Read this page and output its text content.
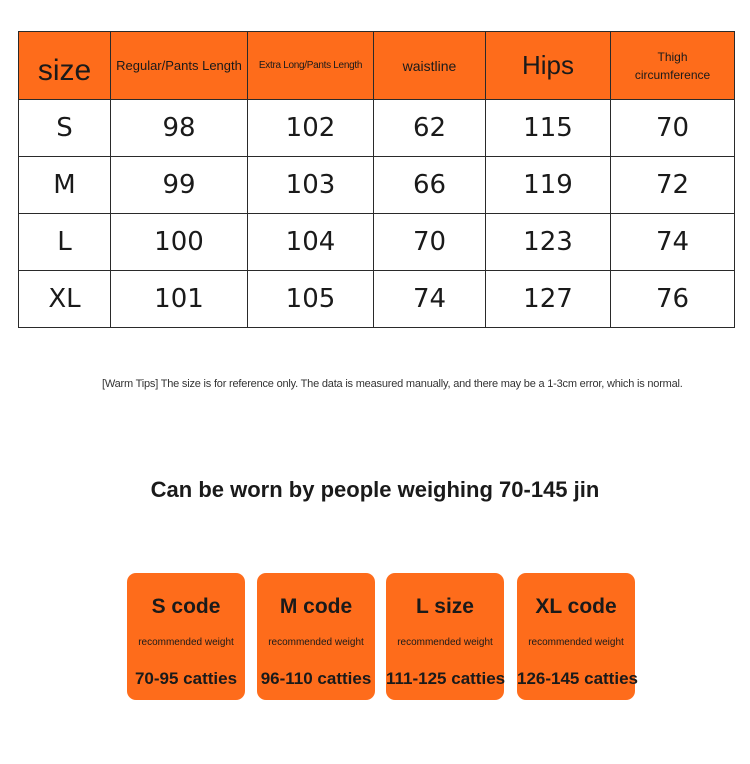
size	Regular/Pants Length	Extra Long/Pants Length	waistline	Hips	Thigh
circumference

S	98	102	62	115	70
M	99	103	66	119	72
L	100	104	70	123	74
XL	101	105	74	127	76
[Warm Tips] The size is for reference only. The data is measured manually, and there may be a 1-3cm error, which is normal.
Can be worn by people weighing 70-145 jin
S code
recommended weight
70-95 catties
M code
recommended weight
96-110 catties
L size
recommended weight
111-125 catties
XL code
recommended weight
126-145 catties
